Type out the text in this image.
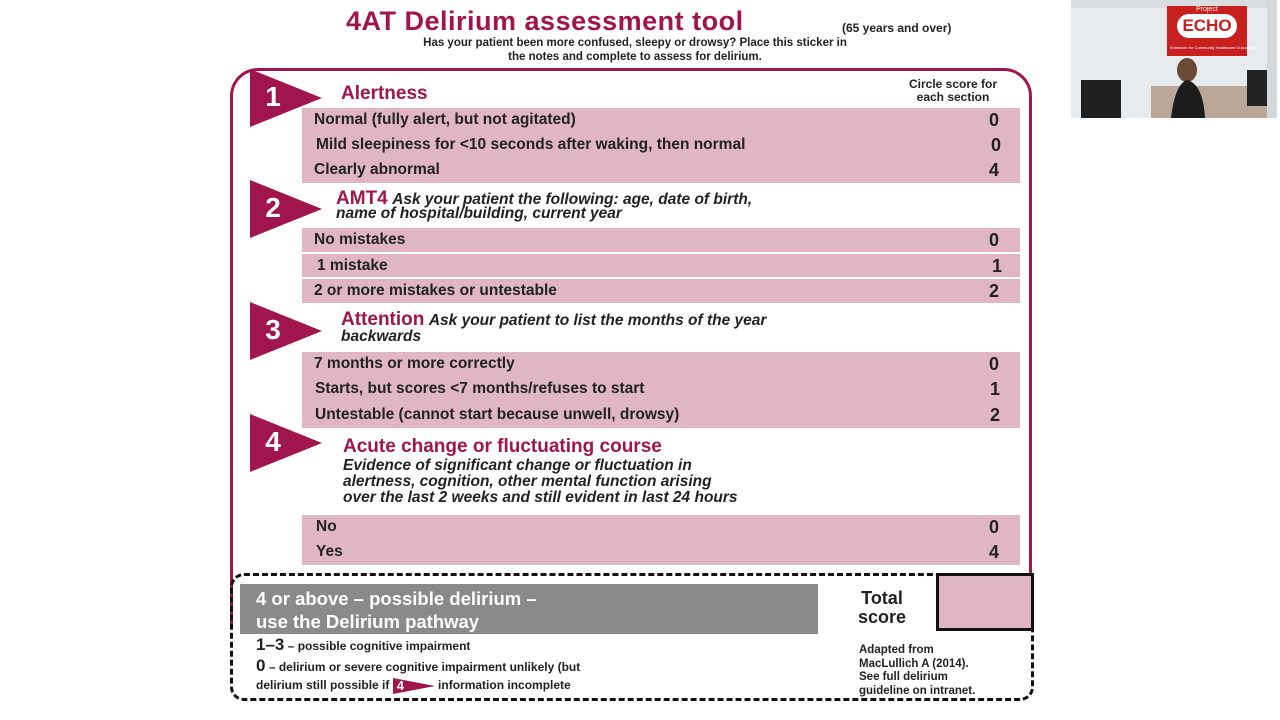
4AT Delirium assessment tool	(65 years and over)
Has your patient been more confused, sleepy or drowsy? Place this sticker in
the notes and complete to assess for delirium.
Circle score for
each section
1	Alertness
Normal (fully alert, but not agitated)	0
Mild sleepiness for <10 seconds after waking, then normal	0
Clearly abnormal	4
2	AMT4 Ask your patient the following: age, date of birth,
name of hospital/building, current year
No mistakes	0
1 mistake	1
2 or more mistakes or untestable	2
3	Attention Ask your patient to list the months of the year
backwards
7 months or more correctly	0
Starts, but scores <7 months/refuses to start	1
Untestable (cannot start because unwell, drowsy)	2
4	Acute change or fluctuating course
Evidence of significant change or fluctuation in
alertness, cognition, other mental function arising
over the last 2 weeks and still evident in last 24 hours
No	0
Yes	4
4 or above – possible delirium –
use the Delirium pathway
Total
score
1–3 – possible cognitive impairment
0 – delirium or severe cognitive impairment unlikely (but
delirium still possible if 4	information incomplete
Adapted from
MacLullich A (2014).
See full delirium
guideline on intranet.
Project
ECHO
Extension for Community Healthcare Outcomes
